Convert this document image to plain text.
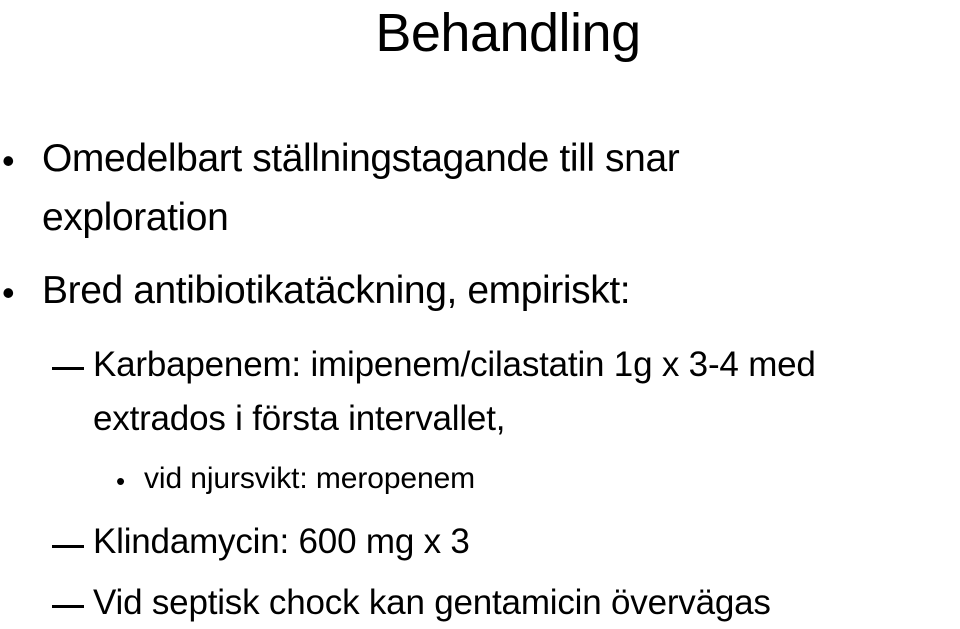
Behandling
• Omedelbart ställningstagande till snar
exploration
• Bred antibiotikatäckning, empiriskt:
Karbapenem: imipenem/cilastatin 1g x 3-4 med
extrados i första intervallet,
• vid njursvikt: meropenem
Klindamycin: 600 mg x 3
Vid septisk chock kan gentamicin övervägas
